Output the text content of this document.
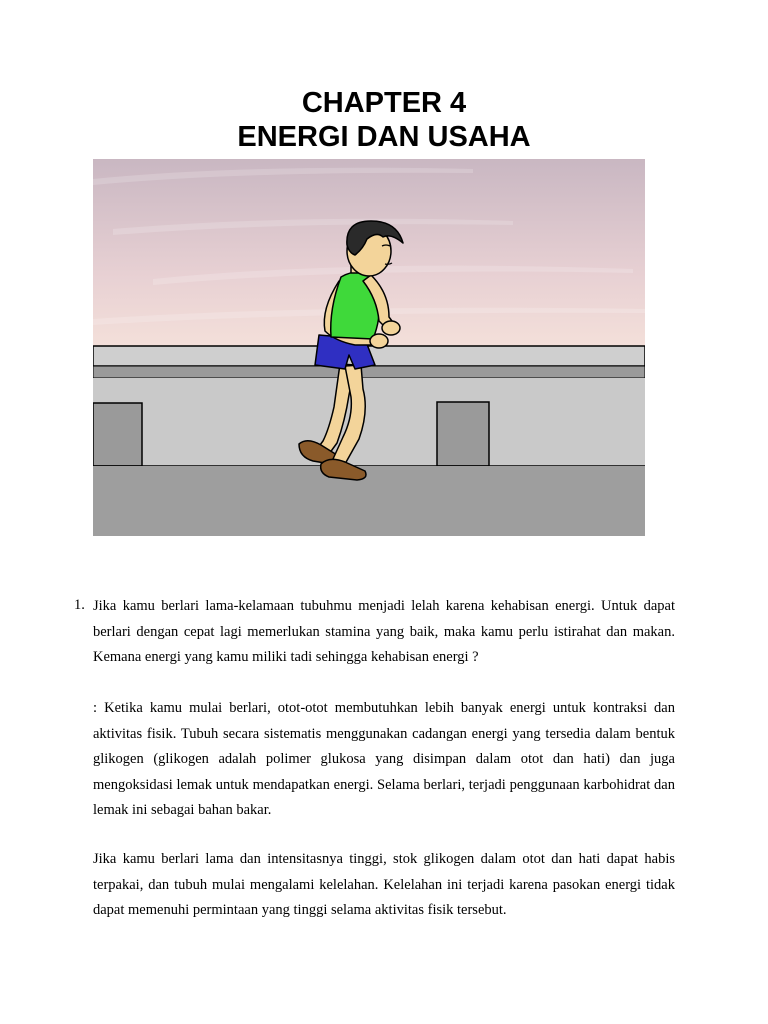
CHAPTER 4
ENERGI DAN USAHA
1. Jika kamu berlari lama-kelamaan tubuhmu menjadi lelah karena kehabisan energi. Untuk dapat berlari dengan cepat lagi memerlukan stamina yang baik, maka kamu perlu istirahat dan makan. Kemana energi yang kamu miliki tadi sehingga kehabisan energi ?

: Ketika kamu mulai berlari, otot-otot membutuhkan lebih banyak energi untuk kontraksi dan aktivitas fisik. Tubuh secara sistematis menggunakan cadangan energi yang tersedia dalam bentuk glikogen (glikogen adalah polimer glukosa yang disimpan dalam otot dan hati) dan juga mengoksidasi lemak untuk mendapatkan energi. Selama berlari, terjadi penggunaan karbohidrat dan lemak ini sebagai bahan bakar.

Jika kamu berlari lama dan intensitasnya tinggi, stok glikogen dalam otot dan hati dapat habis terpakai, dan tubuh mulai mengalami kelelahan. Kelelahan ini terjadi karena pasokan energi tidak dapat memenuhi permintaan yang tinggi selama aktivitas fisik tersebut.
